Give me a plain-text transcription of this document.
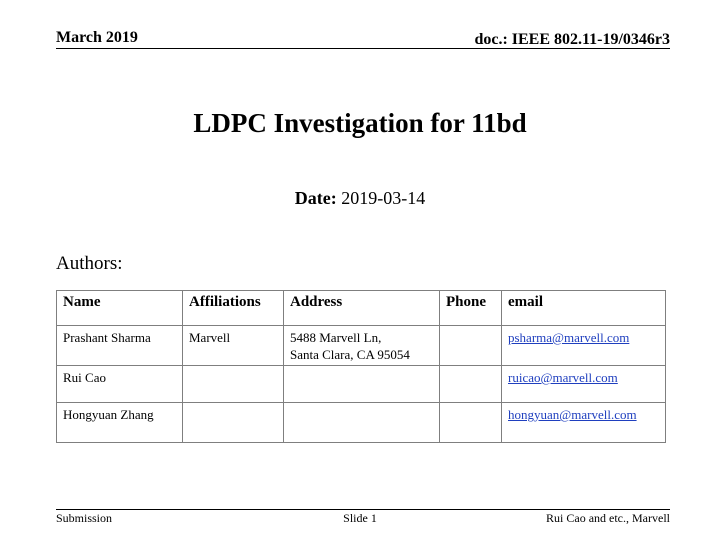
March 2019	doc.: IEEE 802.11-19/0346r3
LDPC Investigation for 11bd
Date: 2019-03-14
Authors:
Name	Affiliations	Address	Phone	email
Prashant Sharma	Marvell	5488 Marvell Ln,
Santa Clara, CA 95054		psharma@marvell.com
Rui Cao				ruicao@marvell.com
Hongyuan Zhang				hongyuan@marvell.com
Submission	Slide 1	Rui Cao and etc., Marvell
